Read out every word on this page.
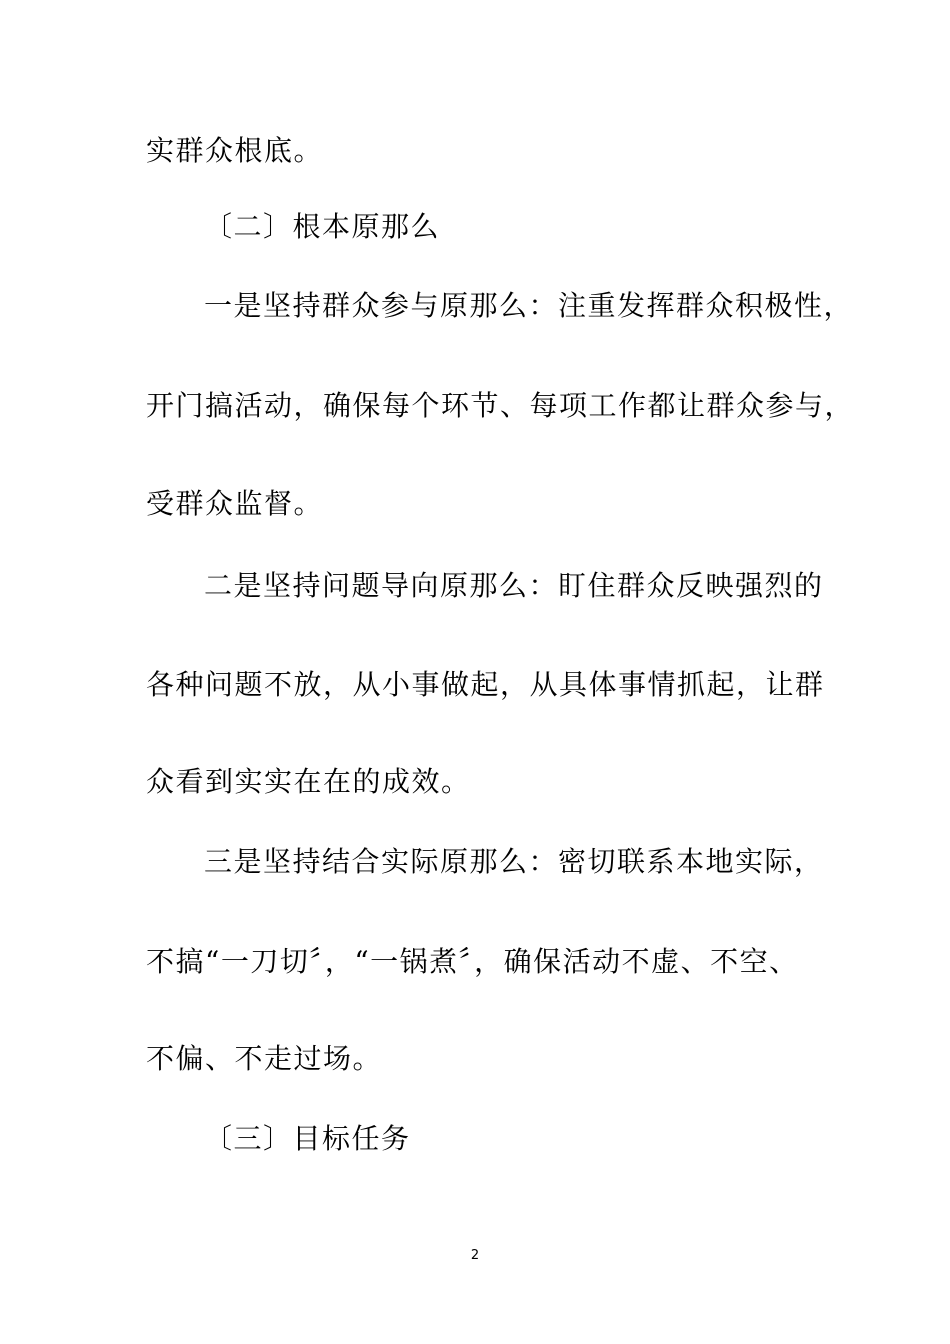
实群众根底。
〔二〕根本原那么
一是坚持群众参与原那么：注重发挥群众积极性，
开门搞活动，确保每个环节、每项工作都让群众参与，
受群众监督。
二是坚持问题导向原那么：盯住群众反映强烈的
各种问题不放，从小事做起，从具体事情抓起，让群
众看到实实在在的成效。
三是坚持结合实际原那么：密切联系本地实际，
不搞“一刀切〞，“一锅煮〞，确保活动不虚、不空、
不偏、不走过场。
〔三〕目标任务
2
